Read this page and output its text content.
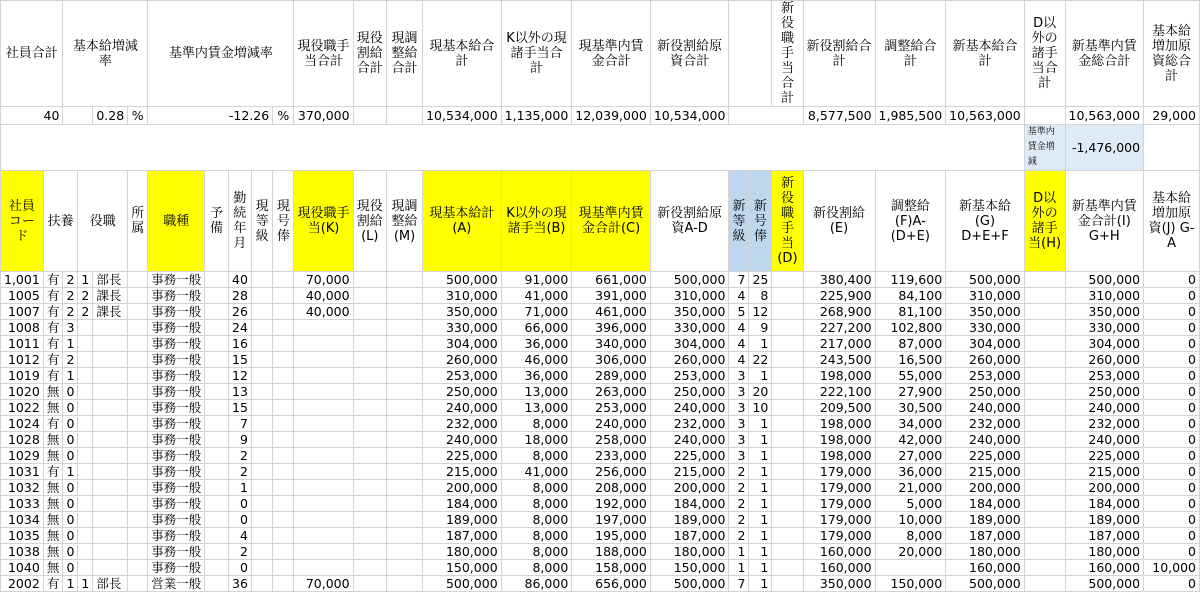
社員合計		基本給増減率				基準内賃金増減率					現役職手当合計	現役割給合計	現調整給合計	現基本給合計	K以外の現諸手当合計	現基準内賃金合計	新役割給原資合計			新役職手当合計	新役割給合計	調整給合計	新基本給合計	D以外の諸手当合計	新基準内賃金総合計	基本給増加原資総合計
40				0.28	%	-12.26				%	370,000			10,534,000	1,135,000	12,039,000	10,534,000				8,577,500	1,985,500	10,563,000		10,563,000	29,000
																								基準内賃金増減	-1,476,000	
社員コード	扶養		役職		所属	職種	予備	勤続年月	現等級	現号俸	現役職手当(K)	現役割給(L)	現調整給(M)	現基本給計 (A)	K以外の現諸手当(B)	現基準内賃金合計(C)	新役割給原資A-D	新等級	新号俸	新役職手当(D)	新役割給(E)	調整給(F)A-(D+E)	新基本給(G) D+E+F	D以外の 諸手当(H)	新基準内賃金合計(I) G+H	基本給増加原資(J) G-A
1,001	有	2	1	部長		事務一般		40			70,000			500,000	91,000	661,000	500,000	7	25		380,400	119,600	500,000		500,000	0
1005	有	2	2	課長		事務一般		28			40,000			310,000	41,000	391,000	310,000	4	8		225,900	84,100	310,000		310,000	0
1007	有	2	2	課長		事務一般		26			40,000			350,000	71,000	461,000	350,000	5	12		268,900	81,100	350,000		350,000	0
1008	有	3				事務一般		24						330,000	66,000	396,000	330,000	4	9		227,200	102,800	330,000		330,000	0
1011	有	1				事務一般		16						304,000	36,000	340,000	304,000	4	1		217,000	87,000	304,000		304,000	0
1012	有	2				事務一般		15						260,000	46,000	306,000	260,000	4	22		243,500	16,500	260,000		260,000	0
1019	有	1				事務一般		12						253,000	36,000	289,000	253,000	3	1		198,000	55,000	253,000		253,000	0
1020	無	0				事務一般		13						250,000	13,000	263,000	250,000	3	20		222,100	27,900	250,000		250,000	0
1022	無	0				事務一般		15						240,000	13,000	253,000	240,000	3	10		209,500	30,500	240,000		240,000	0
1024	有	0				事務一般		7						232,000	8,000	240,000	232,000	3	1		198,000	34,000	232,000		232,000	0
1028	無	0				事務一般		9						240,000	18,000	258,000	240,000	3	1		198,000	42,000	240,000		240,000	0
1029	無	0				事務一般		2						225,000	8,000	233,000	225,000	3	1		198,000	27,000	225,000		225,000	0
1031	有	1				事務一般		2						215,000	41,000	256,000	215,000	2	1		179,000	36,000	215,000		215,000	0
1032	無	0				事務一般		1						200,000	8,000	208,000	200,000	2	1		179,000	21,000	200,000		200,000	0
1033	無	0				事務一般		0						184,000	8,000	192,000	184,000	2	1		179,000	5,000	184,000		184,000	0
1034	無	0				事務一般		0						189,000	8,000	197,000	189,000	2	1		179,000	10,000	189,000		189,000	0
1035	無	0				事務一般		4						187,000	8,000	195,000	187,000	2	1		179,000	8,000	187,000		187,000	0
1038	無	0				事務一般		2						180,000	8,000	188,000	180,000	1	1		160,000	20,000	180,000		180,000	0
1040	無	0				事務一般		0						150,000	8,000	158,000	150,000	1	1		160,000		160,000		160,000	10,000
2002	有	1	1	部長		営業一般		36			70,000			500,000	86,000	656,000	500,000	7	1		350,000	150,000	500,000		500,000	0
